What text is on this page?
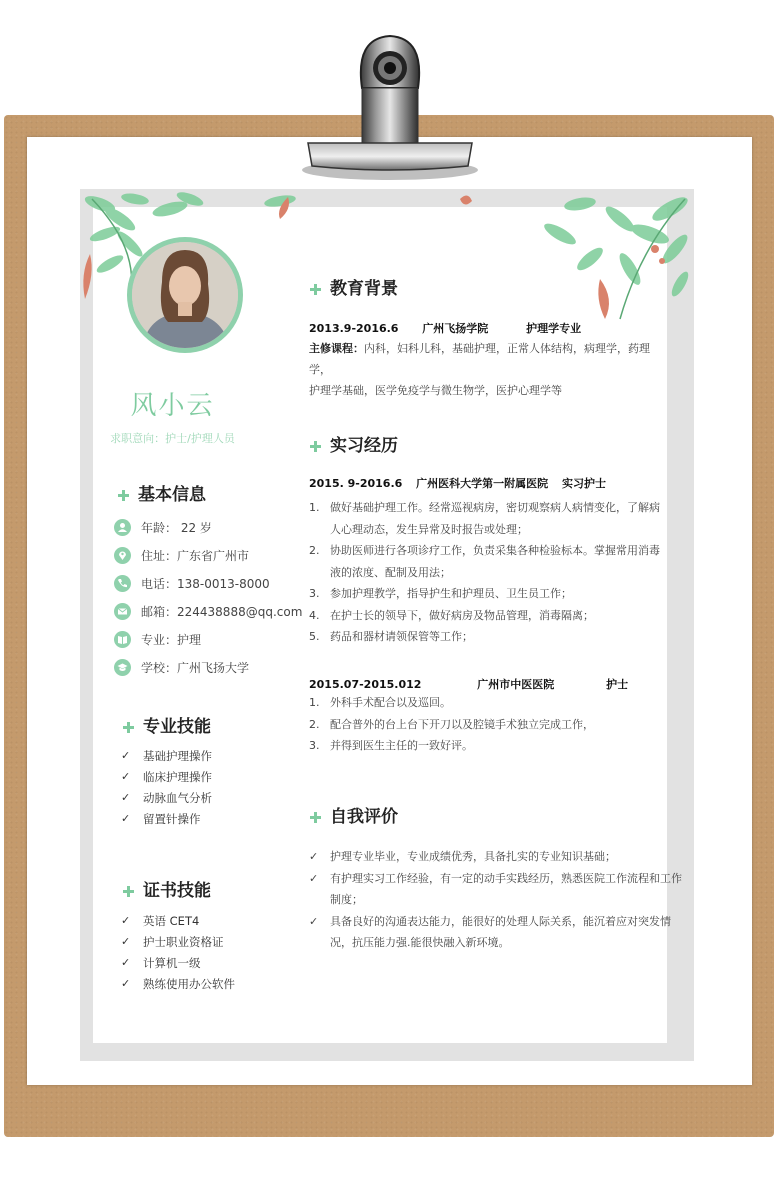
风小云
求职意向：护士/护理人员
基本信息
年龄： 22 岁
住址：广东省广州市
电话：138-0013-8000
邮箱：224438888@qq.com
专业：护理
学校：广州飞扬大学
专业技能
✓ 基础护理操作
✓ 临床护理操作
✓ 动脉血气分析
✓ 留置针操作
证书技能
✓ 英语 CET4
✓ 护士职业资格证
✓ 计算机一级
✓ 熟练使用办公软件
教育背景
2013.9-2016.6 广州飞扬学院	护理学专业
主修课程：内科，妇科儿科，基础护理，正常人体结构，病理学，药理学，
护理学基础，医学免疫学与微生物学，医护心理学等
实习经历
2015. 9-2016.6 广州医科大学第一附属医院 实习护士
1. 做好基础护理工作。经常巡视病房，密切观察病人病情变化，了解病人心理动态，发生异常及时报告或处理；
2. 协助医师进行各项诊疗工作，负责采集各种检验标本。掌握常用消毒液的浓度、配制及用法；
3. 参加护理教学，指导护生和护理员、卫生员工作；
4. 在护士长的领导下，做好病房及物品管理，消毒隔离；
5. 药品和器材请领保管等工作；
2015.07-2015.012	广州市中医医院	护士
1. 外科手术配合以及巡回。
2. 配合普外的台上台下开刀以及腔镜手术独立完成工作，
3. 并得到医生主任的一致好评。
自我评价
✓	护理专业毕业，专业成绩优秀，具备扎实的专业知识基础；
✓	有护理实习工作经验，有一定的动手实践经历，熟悉医院工作流程和工作制度；
✓	具备良好的沟通表达能力，能很好的处理人际关系，能沉着应对突发情况，抗压能力强.能很快融入新环境。
